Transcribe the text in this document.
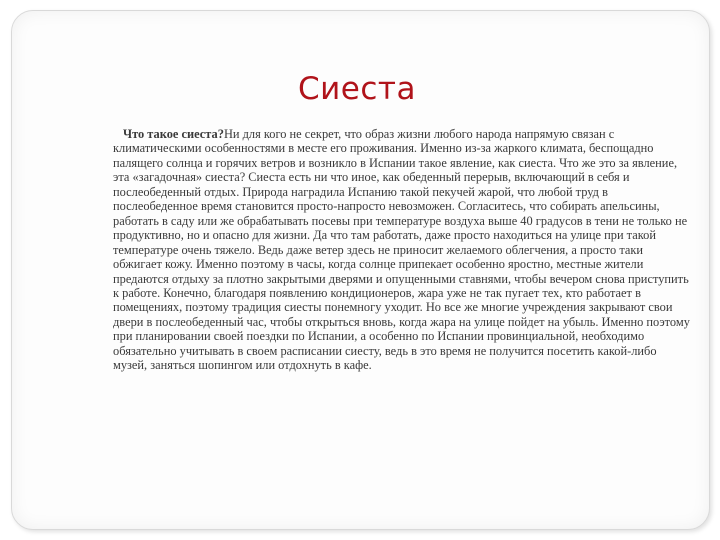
Сиеста

Что такое сиеста?Ни для кого не секрет, что образ жизни любого народа напрямую связан с климатическими особенностями в месте его проживания. Именно из-за жаркого климата, беспощадно палящего солнца и горячих ветров и возникло в Испании такое явление, как сиеста. Что же это за явление, эта «загадочная» сиеста? Сиеста есть ни что иное, как обеденный перерыв, включающий в себя и послеобеденный отдых. Природа наградила Испанию такой пекучей жарой, что любой труд в послеобеденное время становится просто-напросто невозможен. Согласитесь, что собирать апельсины, работать в саду или же обрабатывать посевы при температуре воздуха выше 40 градусов в тени не только не продуктивно, но и опасно для жизни. Да что там работать, даже просто находиться на улице при такой температуре очень тяжело. Ведь даже ветер здесь не приносит желаемого облегчения, а просто таки обжигает кожу. Именно поэтому в часы, когда солнце припекает особенно яростно, местные жители предаются отдыху за плотно закрытыми дверями и опущенными ставнями, чтобы вечером снова приступить к работе. Конечно, благодаря появлению кондиционеров, жара уже не так пугает тех, кто работает в помещениях, поэтому традиция сиесты понемногу уходит. Но все же многие учреждения закрывают свои двери в послеобеденный час, чтобы открыться вновь, когда жара на улице пойдет на убыль. Именно поэтому при планировании своей поездки по Испании, а особенно по Испании провинциальной, необходимо обязательно учитывать в своем расписании сиесту, ведь в это время не получится посетить какой-либо музей, заняться шопингом или отдохнуть в кафе.
